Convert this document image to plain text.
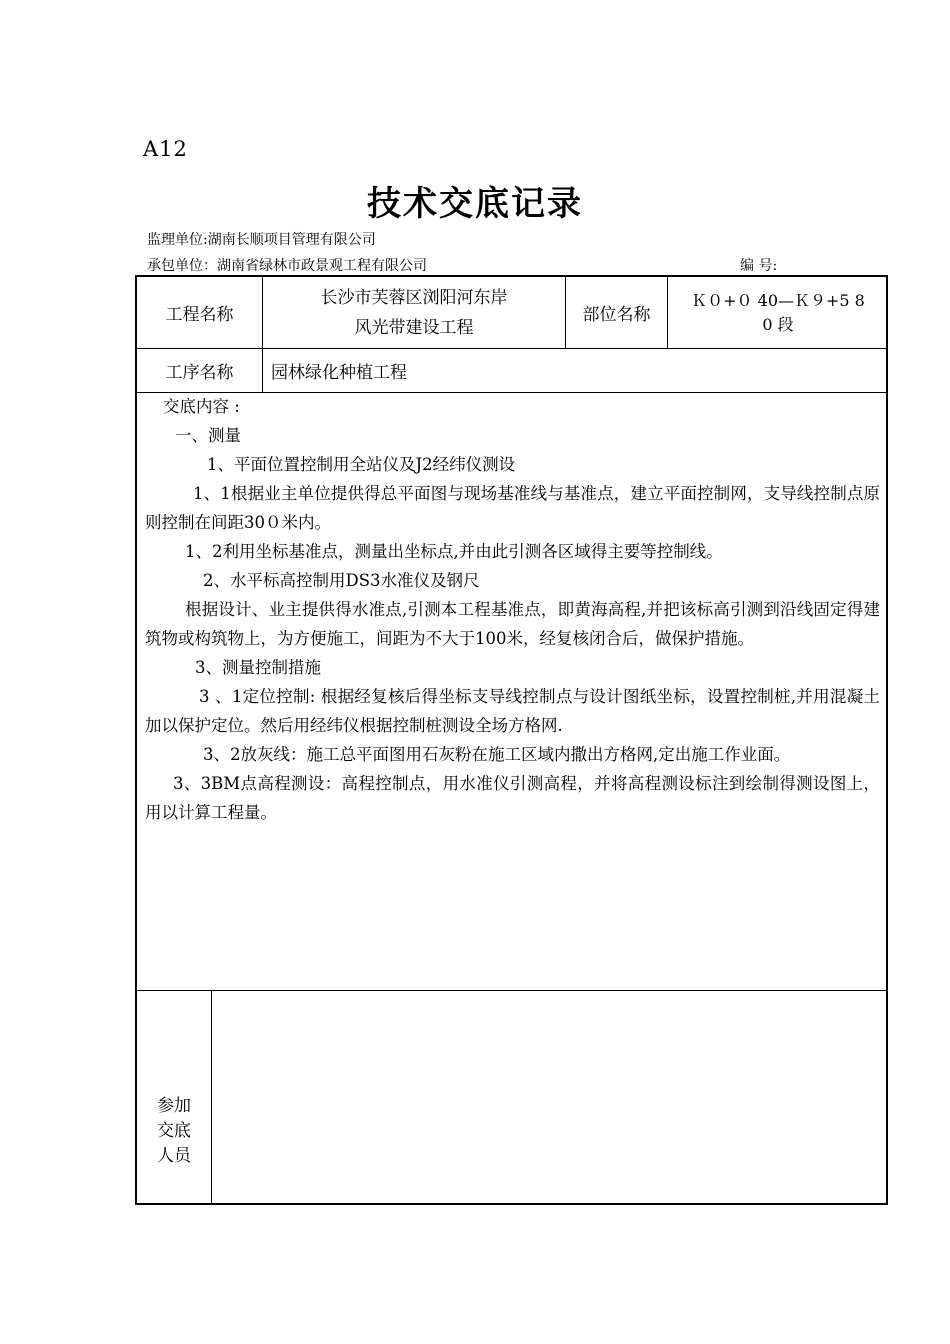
A12
技术交底记录
监理单位:湖南长顺项目管理有限公司
承包单位：湖南省绿林市政景观工程有限公司	编 号:
工程名称
长沙市芙蓉区浏阳河东岸
风光带建设工程
部位名称
Ｋ０+０ 40—Ｋ９+5 8
0 段
工序名称	园林绿化种植工程

交底内容 :

一、测量

1、平面位置控制用全站仪及J2经纬仪测设

1、1根据业主单位提供得总平面图与现场基准线与基准点，建立平面控制网，支导线控制点原则控制在间距30０米内。

1、2利用坐标基准点，测量出坐标点,并由此引测各区域得主要等控制线。

2、水平标高控制用DS3水准仪及钢尺

根据设计、业主提供得水准点,引测本工程基准点，即黄海高程,并把该标高引测到沿线固定得建筑物或构筑物上，为方便施工，间距为不大于100米，经复核闭合后，做保护措施。

3、测量控制措施

3 、1定位控制: 根据经复核后得坐标支导线控制点与设计图纸坐标，设置控制桩,并用混凝土加以保护定位。然后用经纬仪根据控制桩测设全场方格网.

3、2放灰线：施工总平面图用石灰粉在施工区域内撒出方格网,定出施工作业面。

3、3BM点高程测设：高程控制点，用水准仪引测高程，并将高程测设标注到绘制得测设图上，用以计算工程量。

参加交底人员
